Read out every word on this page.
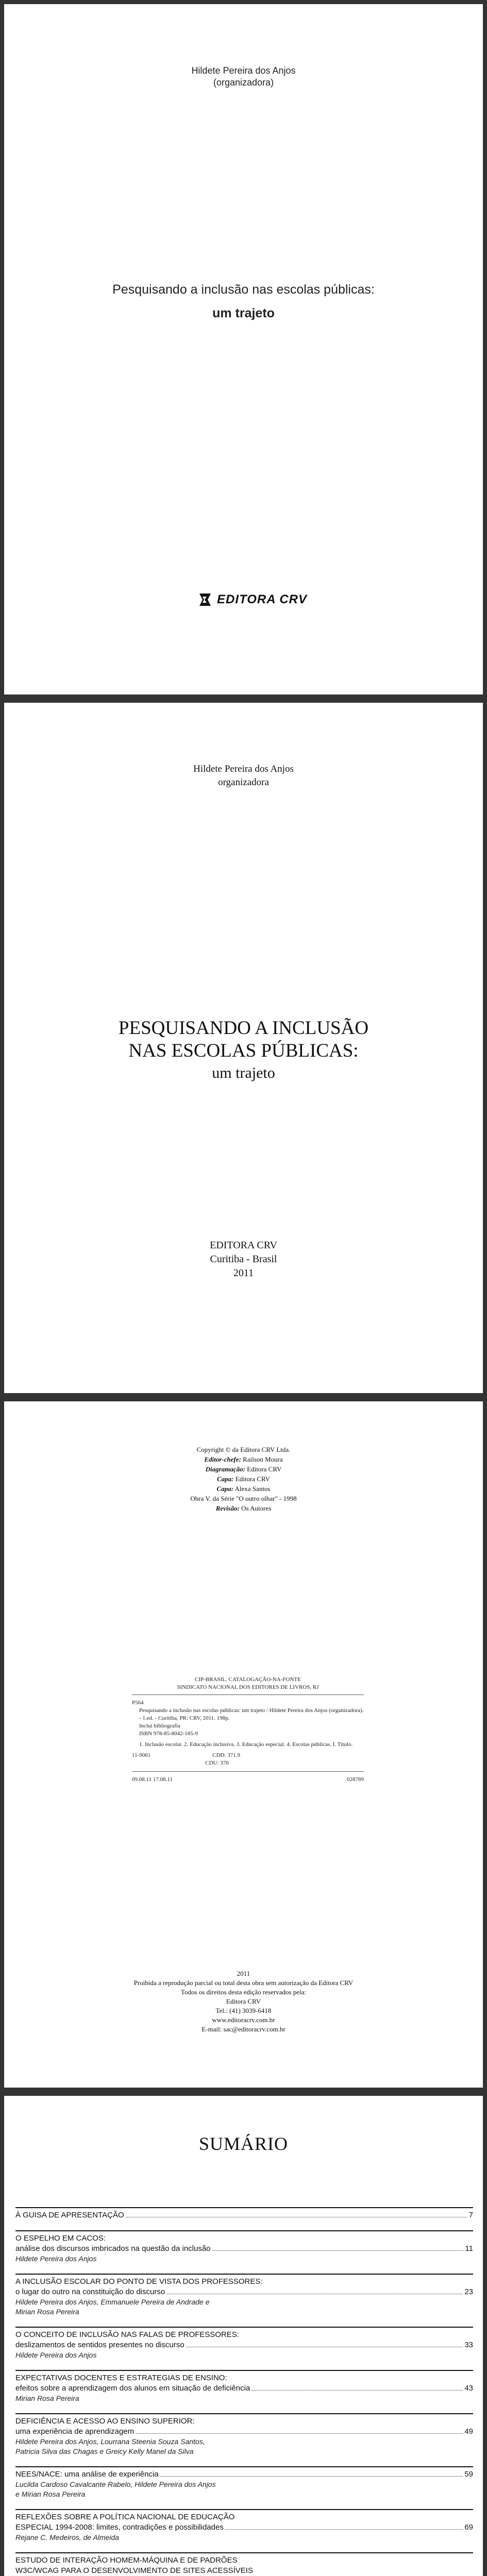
Hildete Pereira dos Anjos
(organizadora)
Pesquisando a inclusão nas escolas públicas:
um trajeto
EDITORA CRV
Hildete Pereira dos Anjos
organizadora
PESQUISANDO A INCLUSÃO
NAS ESCOLAS PÚBLICAS:
um trajeto
EDITORA CRV
Curitiba - Brasil
2011
Copyright © da Editora CRV Ltda.
Editor-chefe: Railson Moura
Diagramação: Editora CRV
Capa: Editora CRV
Capa: Alexa Santos
Obra V. da Série "O outro olhar" - 1998
Revisão: Os Autores
CIP-BRASIL. CATALOGAÇÃO-NA-FONTE
SINDICATO NACIONAL DOS EDITORES DE LIVROS, RJ
P564
Pesquisando a inclusão nas escolas públicas: um trajeto / Hildete Pereira dos Anjos (organizadora). - 1.ed. - Curitiba, PR: CRV, 2011. 198p.
Inclui bibliografia
ISBN 978-85-8042-185-9
1. Inclusão escolar. 2. Educação inclusiva. 3. Educação especial. 4. Escolas públicas. I. Título.
11-9061	CDD: 371.9
CDU: 376
09.08.11 17.08.11	028789
2011
Proibida a reprodução parcial ou total desta obra sem autorização da Editora CRV
Todos os direitos desta edição reservados pela:
Editora CRV
Tel.: (41) 3039-6418
www.editoracrv.com.br
E-mail: sac@editoracrv.com.br
SUMÁRIO
À GUISA DE APRESENTAÇÃO	7
O ESPELHO EM CACOS:
análise dos discursos imbricados na questão da inclusão	11
Hildete Pereira dos Anjos
A INCLUSÃO ESCOLAR DO PONTO DE VISTA DOS PROFESSORES:
o lugar do outro na constituição do discurso	23
Hildete Pereira dos Anjos, Emmanuele Pereira de Andrade e
Mirian Rosa Pereira
O CONCEITO DE INCLUSÃO NAS FALAS DE PROFESSORES:
deslizamentos de sentidos presentes no discurso	33
Hildete Pereira dos Anjos
EXPECTATIVAS DOCENTES E ESTRATEGIAS DE ENSINO:
efeitos sobre a aprendizagem dos alunos em situação de deficiência	43
Mirian Rosa Pereira
DEFICIÊNCIA E ACESSO AO ENSINO SUPERIOR:
uma experiência de aprendizagem	49
Hildete Pereira dos Anjos, Lourrana Steenia Souza Santos,
Patricia Silva das Chagas e Greicy Kelly Manel da Silva
NEES/NACE: uma análise de experiência	59
Lucilda Cardoso Cavalcante Rabelo, Hildete Pereira dos Anjos
e Mirian Rosa Pereira
REFLEXÕES SOBRE A POLÍTICA NACIONAL DE EDUCAÇÃO
ESPECIAL 1994-2008: limites, contradições e possibilidades	69
Rejane C. Medeiros, de Almeida
ESTUDO DE INTERAÇÃO HOMEM-MÁQUINA E DE PADRÕES
W3C/WCAG PARA O DESENVOLVIMENTO DE SITES ACESSÍVEIS
